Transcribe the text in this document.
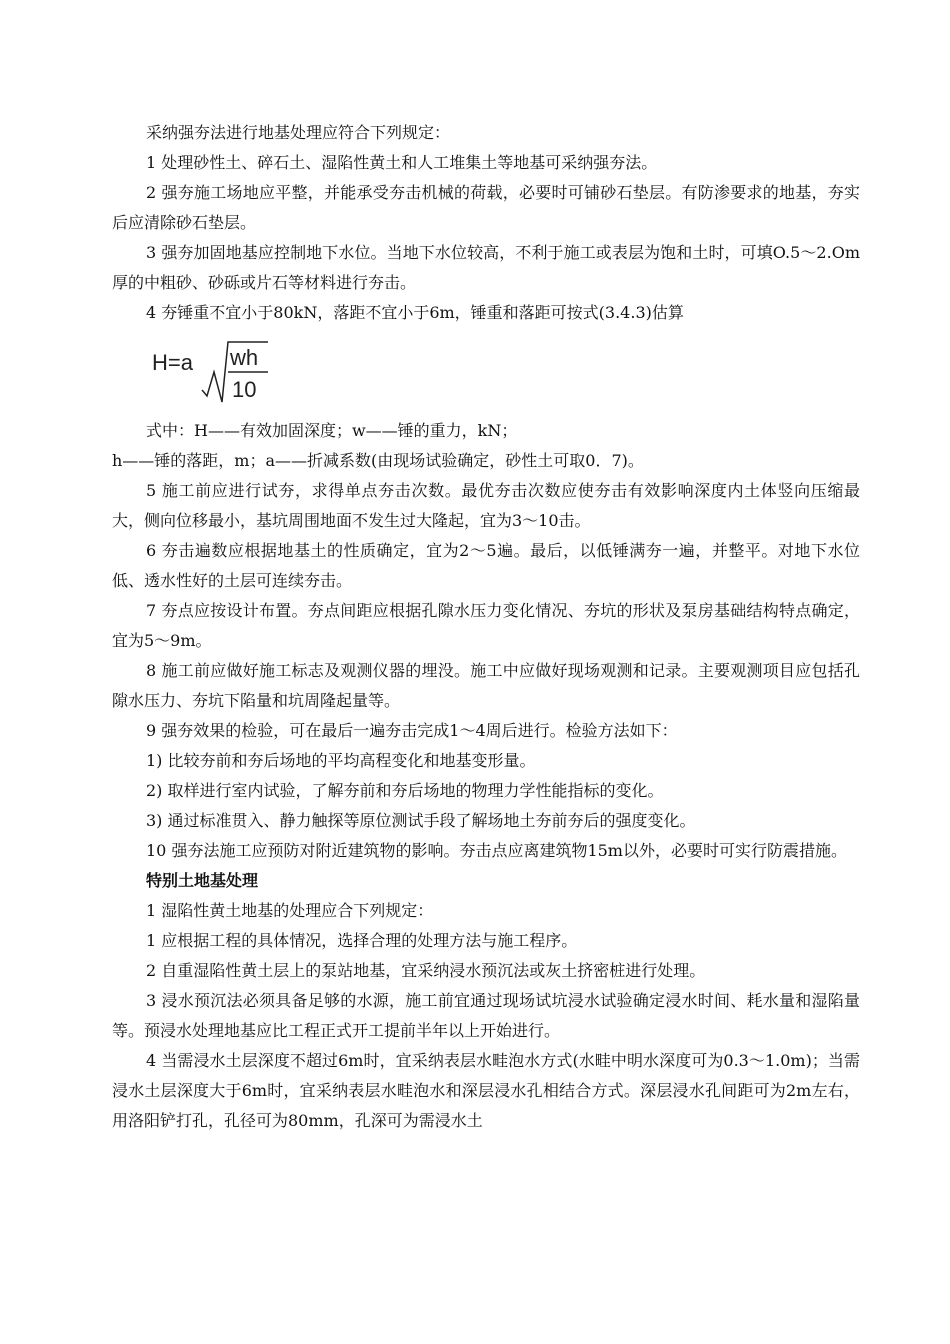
采纳强夯法进行地基处理应符合下列规定：

1 处理砂性土、碎石土、湿陷性黄土和人工堆集土等地基可采纳强夯法。

2 强夯施工场地应平整，并能承受夯击机械的荷载，必要时可铺砂石垫层。有防渗要求的地基，夯实后应清除砂石垫层。

3 强夯加固地基应控制地下水位。当地下水位较高，不利于施工或表层为饱和土时，可填O.5～2.Om厚的中粗砂、砂砾或片石等材料进行夯击。

4 夯锤重不宜小于80kN，落距不宜小于6m，锤重和落距可按式(3.4.3)估算

H=a wh
10

式中：H——有效加固深度；w——锤的重力，kN；

h——锤的落距，m；a——折减系数(由现场试验确定，砂性土可取0．7)。

5 施工前应进行试夯，求得单点夯击次数。最优夯击次数应使夯击有效影响深度内土体竖向压缩最大，侧向位移最小，基坑周围地面不发生过大隆起，宜为3～10击。

6 夯击遍数应根据地基土的性质确定，宜为2～5遍。最后，以低锤满夯一遍，并整平。对地下水位低、透水性好的土层可连续夯击。

7 夯点应按设计布置。夯点间距应根据孔隙水压力变化情况、夯坑的形状及泵房基础结构特点确定，宜为5～9m。

8 施工前应做好施工标志及观测仪器的埋没。施工中应做好现场观测和记录。主要观测项目应包括孔隙水压力、夯坑下陷量和坑周隆起量等。

9 强夯效果的检验，可在最后一遍夯击完成1～4周后进行。检验方法如下：

1) 比较夯前和夯后场地的平均高程变化和地基变形量。

2) 取样进行室内试验，了解夯前和夯后场地的物理力学性能指标的变化。

3) 通过标准贯入、静力触探等原位测试手段了解场地土夯前夯后的强度变化。

10 强夯法施工应预防对附近建筑物的影响。夯击点应离建筑物15m以外，必要时可实行防震措施。

特别土地基处理

1 湿陷性黄土地基的处理应合下列规定：

1 应根据工程的具体情况，选择合理的处理方法与施工程序。

2 自重湿陷性黄土层上的泵站地基，宜采纳浸水预沉法或灰土挤密桩进行处理。

3 浸水预沉法必须具备足够的水源，施工前宜通过现场试坑浸水试验确定浸水时间、耗水量和湿陷量等。预浸水处理地基应比工程正式开工提前半年以上开始进行。

4 当需浸水土层深度不超过6m时，宜采纳表层水畦泡水方式(水畦中明水深度可为0.3～1.0m)；当需浸水土层深度大于6m时，宜采纳表层水畦泡水和深层浸水孔相结合方式。深层浸水孔间距可为2m左右，用洛阳铲打孔，孔径可为80mm，孔深可为需浸水土
